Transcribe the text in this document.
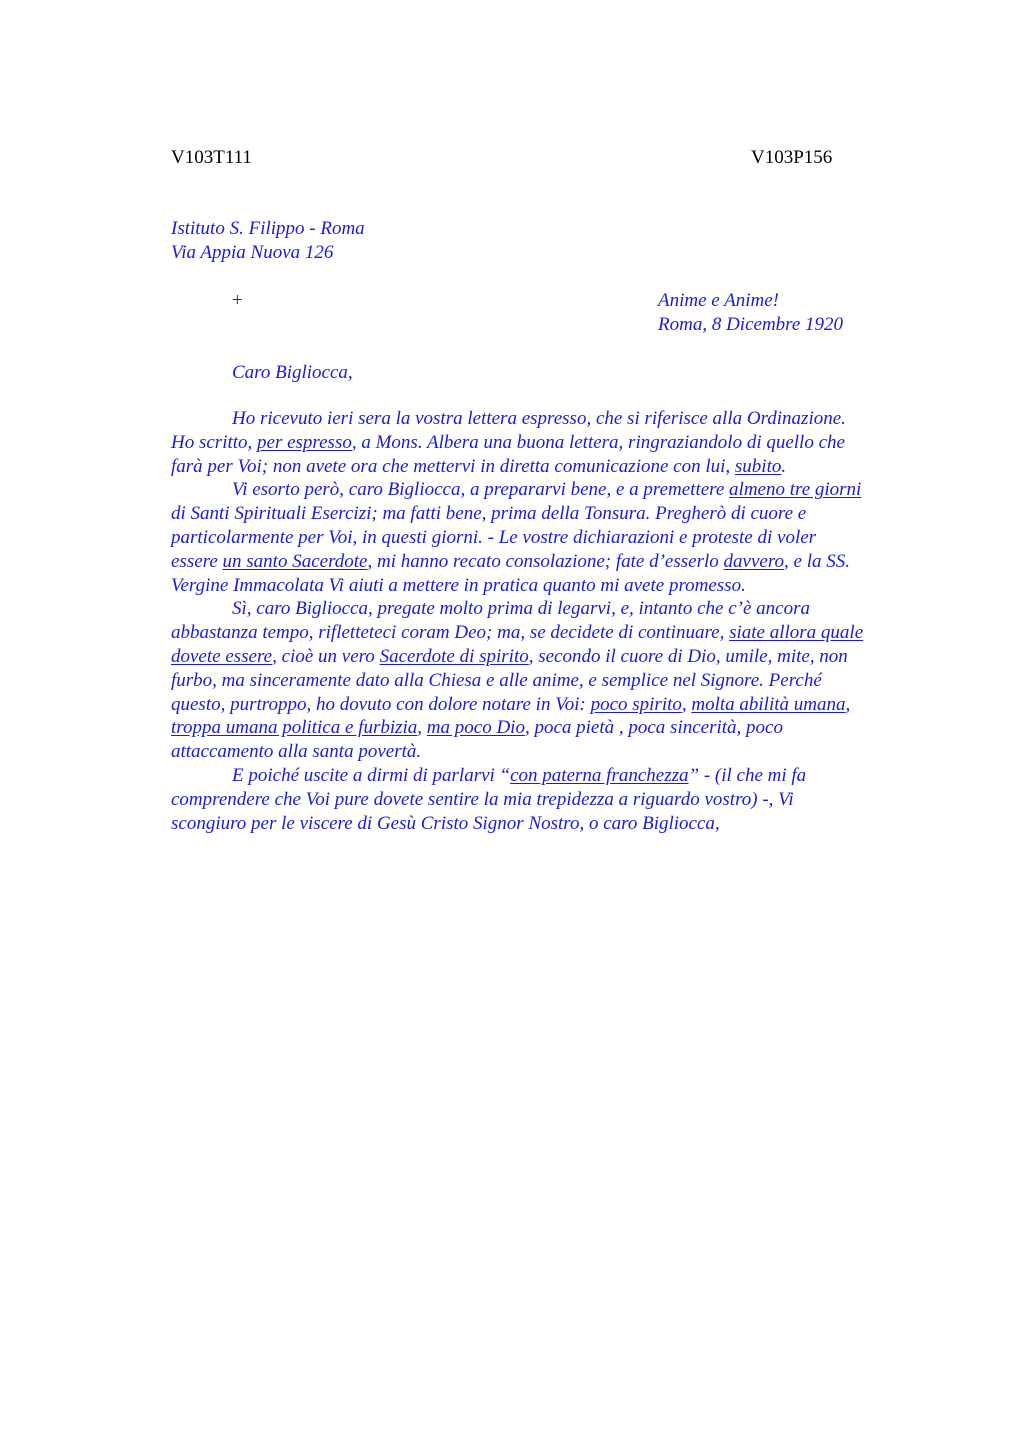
V103T111	V103P156
Istituto S. Filippo - Roma
Via Appia Nuova 126
+	Anime e Anime!
Roma, 8 Dicembre 1920
Caro Bigliocca,
Ho ricevuto ieri sera la vostra lettera espresso, che si riferisce alla Ordinazione.
Ho scritto, per espresso, a Mons. Albera una buona lettera, ringraziandolo di quello che
farà per Voi; non avete ora che mettervi in diretta comunicazione con lui, subito.
Vi esorto però, caro Bigliocca, a prepararvi bene, e a premettere almeno tre giorni
di Santi Spirituali Esercizi; ma fatti bene, prima della Tonsura. Pregherò di cuore e
particolarmente per Voi, in questi giorni. - Le vostre dichiarazioni e proteste di voler
essere un santo Sacerdote, mi hanno recato consolazione; fate d’esserlo davvero, e la SS.
Vergine Immacolata Vi aiuti a mettere in pratica quanto mi avete promesso.
Sì, caro Bigliocca, pregate molto prima di legarvi, e, intanto che c’è ancora
abbastanza tempo, rifletteteci coram Deo; ma, se decidete di continuare, siate allora quale
dovete essere, cioè un vero Sacerdote di spirito, secondo il cuore di Dio, umile, mite, non
furbo, ma sinceramente dato alla Chiesa e alle anime, e semplice nel Signore. Perché
questo, purtroppo, ho dovuto con dolore notare in Voi: poco spirito, molta abilità umana,
troppa umana politica e furbizia, ma poco Dio, poca pietà , poca sincerità, poco
attaccamento alla santa povertà.
E poiché uscite a dirmi di parlarvi “con paterna franchezza” - (il che mi fa
comprendere che Voi pure dovete sentire la mia trepidezza a riguardo vostro) -, Vi
scongiuro per le viscere di Gesù Cristo Signor Nostro, o caro Bigliocca,
